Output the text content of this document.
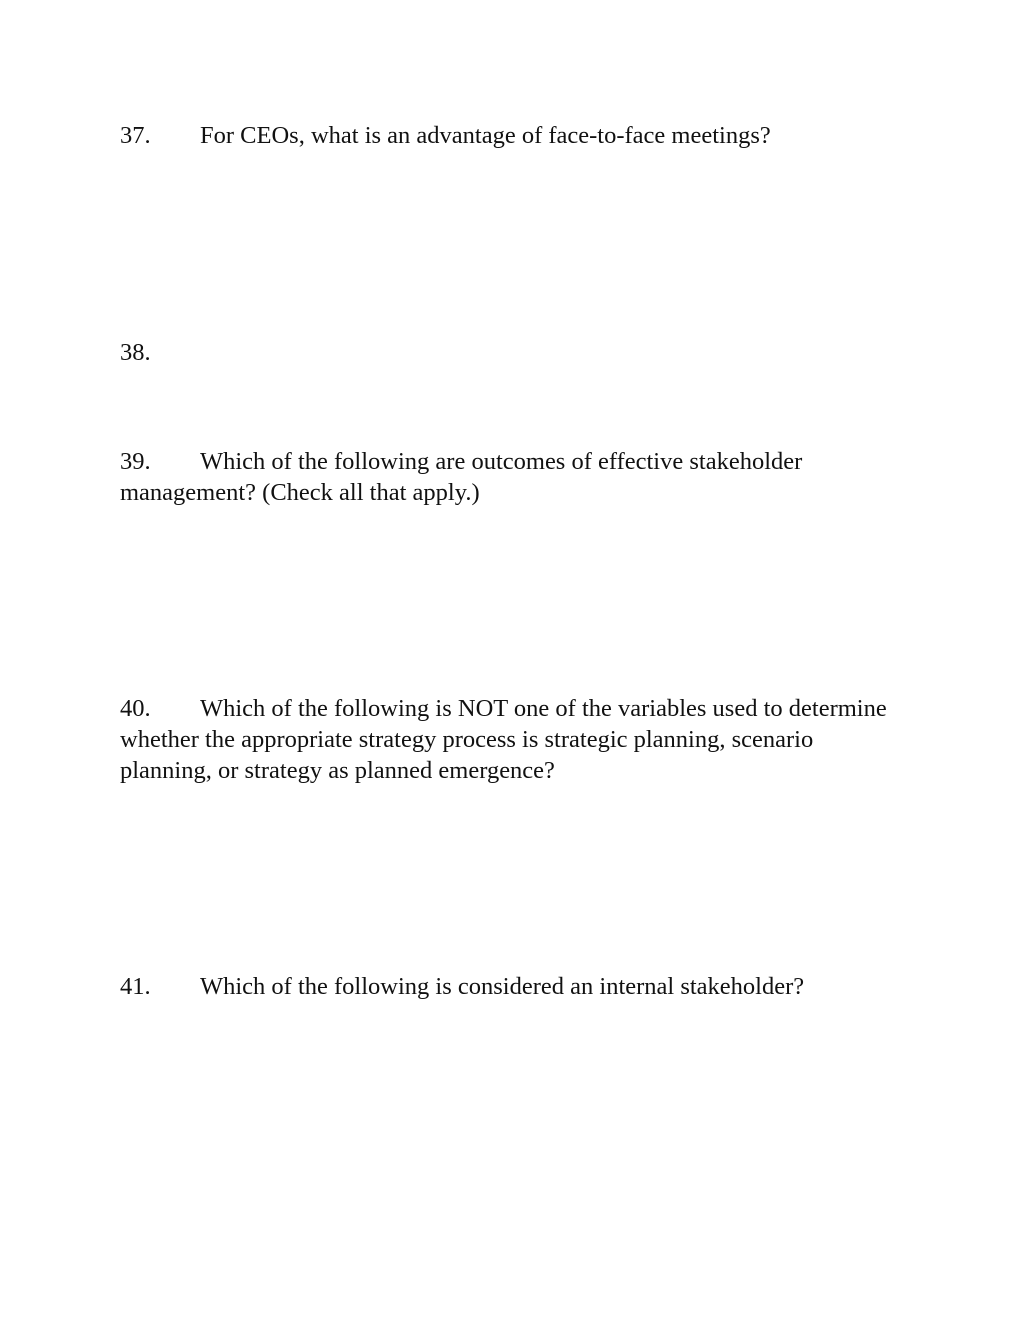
37. For CEOs, what is an advantage of face-to-face meetings?

38.

39. Which of the following are outcomes of effective stakeholder management? (Check all that apply.)

40. Which of the following is NOT one of the variables used to determine whether the appropriate strategy process is strategic planning, scenario planning, or strategy as planned emergence?

41. Which of the following is considered an internal stakeholder?
